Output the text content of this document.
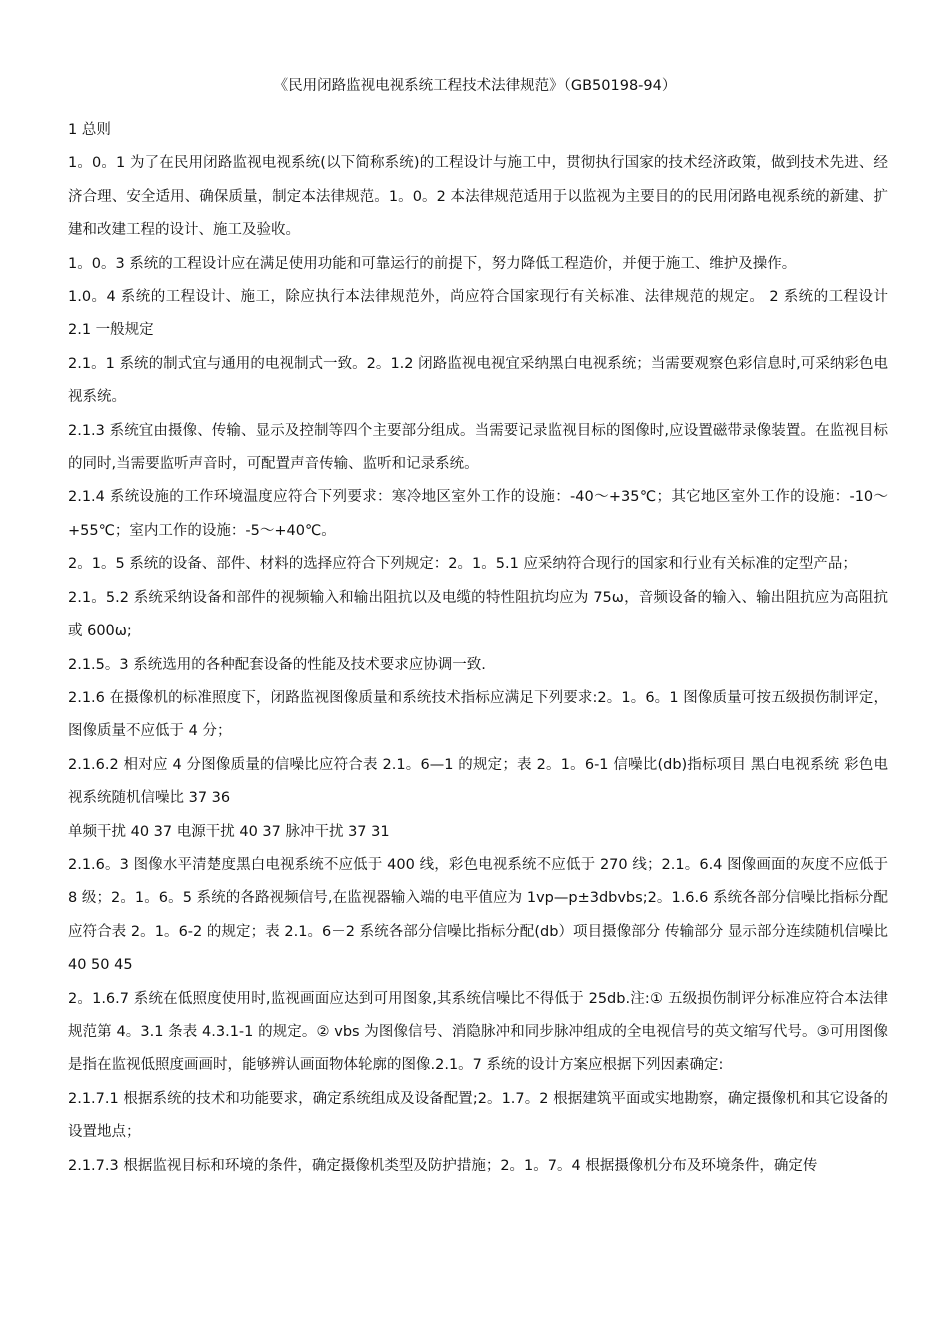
《民用闭路监视电视系统工程技术法律规范》（GB50198-94）

1 总则

1。0。1 为了在民用闭路监视电视系统(以下简称系统)的工程设计与施工中，贯彻执行国家的技术经济政策，做到技术先进、经济合理、安全适用、确保质量，制定本法律规范。1。0。2 本法律规范适用于以监视为主要目的的民用闭路电视系统的新建、扩建和改建工程的设计、施工及验收。

1。0。3 系统的工程设计应在满足使用功能和可靠运行的前提下，努力降低工程造价，并便于施工、维护及操作。

1.0。4 系统的工程设计、施工，除应执行本法律规范外，尚应符合国家现行有关标准、法律规范的规定。 2 系统的工程设计 2.1 一般规定

2.1。1 系统的制式宜与通用的电视制式一致。2。1.2 闭路监视电视宜采纳黑白电视系统；当需要观察色彩信息时,可采纳彩色电视系统。

2.1.3 系统宜由摄像、传输、显示及控制等四个主要部分组成。当需要记录监视目标的图像时,应设置磁带录像装置。在监视目标的同时,当需要监听声音时，可配置声音传输、监听和记录系统。

2.1.4 系统设施的工作环境温度应符合下列要求：寒冷地区室外工作的设施：-40～+35℃；其它地区室外工作的设施：-10～+55℃；室内工作的设施：-5～+40℃。

2。1。5 系统的设备、部件、材料的选择应符合下列规定：2。1。5.1 应采纳符合现行的国家和行业有关标准的定型产品；

2.1。5.2 系统采纳设备和部件的视频输入和输出阻抗以及电缆的特性阻抗均应为 75ω，音频设备的输入、输出阻抗应为高阻抗或 600ω;

2.1.5。3 系统选用的各种配套设备的性能及技术要求应协调一致.

2.1.6 在摄像机的标准照度下，闭路监视图像质量和系统技术指标应满足下列要求:2。1。6。1 图像质量可按五级损伤制评定，图像质量不应低于 4 分；

2.1.6.2 相对应 4 分图像质量的信噪比应符合表 2.1。6—1 的规定；表 2。1。6-1 信噪比(db)指标项目 黑白电视系统 彩色电视系统随机信噪比 37 36

单频干扰 40 37 电源干扰 40 37 脉冲干扰 37 31

2.1.6。3 图像水平清楚度黑白电视系统不应低于 400 线，彩色电视系统不应低于 270 线；2.1。6.4 图像画面的灰度不应低于 8 级；2。1。6。5 系统的各路视频信号,在监视器输入端的电平值应为 1vp—p±3dbvbs;2。1.6.6 系统各部分信噪比指标分配应符合表 2。1。6-2 的规定；表 2.1。6－2 系统各部分信噪比指标分配(db）项目摄像部分 传输部分 显示部分连续随机信噪比 40 50 45

2。1.6.7 系统在低照度使用时,监视画面应达到可用图象,其系统信噪比不得低于 25db.注:① 五级损伤制评分标准应符合本法律规范第 4。3.1 条表 4.3.1-1 的规定。② vbs 为图像信号、消隐脉冲和同步脉冲组成的全电视信号的英文缩写代号。③可用图像是指在监视低照度画画时，能够辨认画面物体轮廓的图像.2.1。7 系统的设计方案应根据下列因素确定:

2.1.7.1 根据系统的技术和功能要求，确定系统组成及设备配置;2。1.7。2 根据建筑平面或实地勘察，确定摄像机和其它设备的设置地点；

2.1.7.3 根据监视目标和环境的条件，确定摄像机类型及防护措施；2。1。7。4 根据摄像机分布及环境条件，确定传
